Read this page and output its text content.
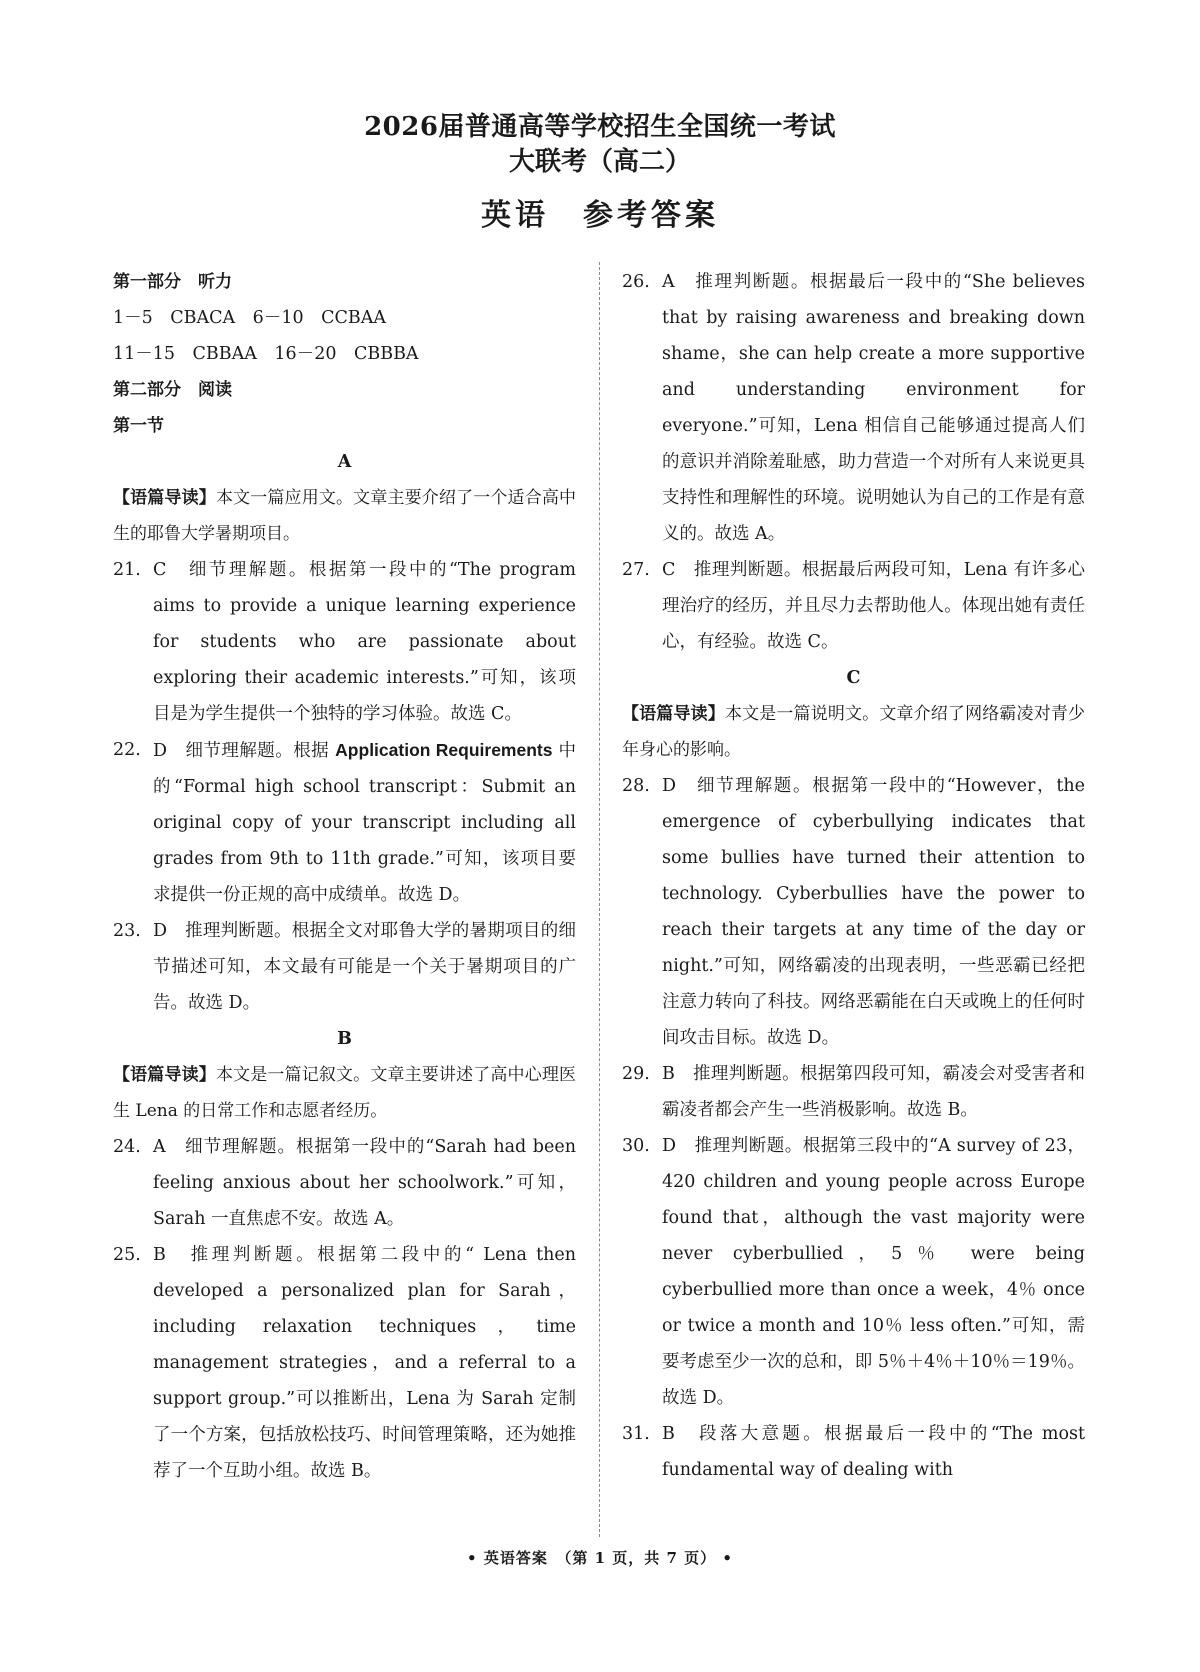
2026届普通高等学校招生全国统一考试
大联考（高二）
英语 参考答案
第一部分　听力
1－5　CBACA　6－10　CCBAA
11－15　CBBAA　16－20　CBBBA
第二部分　阅读
第一节
A
【语篇导读】本文一篇应用文。文章主要介绍了一个适合高中生的耶鲁大学暑期项目。
21. C　细节理解题。根据第一段中的“The program aims to provide a unique learning experience for students who are passionate about exploring their academic interests.”可知，该项目是为学生提供一个独特的学习体验。故选 C。
22. D　细节理解题。根据 Application Requirements 中的“Formal high school transcript：Submit an original copy of your transcript including all grades from 9th to 11th grade.”可知，该项目要求提供一份正规的高中成绩单。故选 D。
23. D　推理判断题。根据全文对耶鲁大学的暑期项目的细节描述可知，本文最有可能是一个关于暑期项目的广告。故选 D。
B
【语篇导读】本文是一篇记叙文。文章主要讲述了高中心理医生 Lena 的日常工作和志愿者经历。
24. A　细节理解题。根据第一段中的“Sarah had been feeling anxious about her schoolwork.”可知，Sarah 一直焦虑不安。故选 A。
25. B　推理判断题。根据第二段中的“ Lena then developed a personalized plan for Sarah，including relaxation techniques，time management strategies，and a referral to a support group.”可以推断出，Lena 为 Sarah 定制了一个方案，包括放松技巧、时间管理策略，还为她推荐了一个互助小组。故选 B。
26. A　推理判断题。根据最后一段中的“She believes that by raising awareness and breaking down shame，she can help create a more supportive and understanding environment for everyone.”可知，Lena 相信自己能够通过提高人们的意识并消除羞耻感，助力营造一个对所有人来说更具支持性和理解性的环境。说明她认为自己的工作是有意义的。故选 A。
27. C　推理判断题。根据最后两段可知，Lena 有许多心理治疗的经历，并且尽力去帮助他人。体现出她有责任心，有经验。故选 C。
C
【语篇导读】本文是一篇说明文。文章介绍了网络霸凌对青少年身心的影响。
28. D　细节理解题。根据第一段中的“However，the emergence of cyberbullying indicates that some bullies have turned their attention to technology. Cyberbullies have the power to reach their targets at any time of the day or night.”可知，网络霸凌的出现表明，一些恶霸已经把注意力转向了科技。网络恶霸能在白天或晚上的任何时间攻击目标。故选 D。
29. B　推理判断题。根据第四段可知，霸凌会对受害者和霸凌者都会产生一些消极影响。故选 B。
30. D　推理判断题。根据第三段中的“A survey of 23，420 children and young people across Europe found that，although the vast majority were never cyberbullied，5％ were being cyberbullied more than once a week，4％ once or twice a month and 10％ less often.”可知，需要考虑至少一次的总和，即 5％＋4％＋10％＝19％。故选 D。
31. B　段落大意题。根据最后一段中的“The most fundamental way of dealing with
• 英语答案　（第 1 页，共 7 页） •
